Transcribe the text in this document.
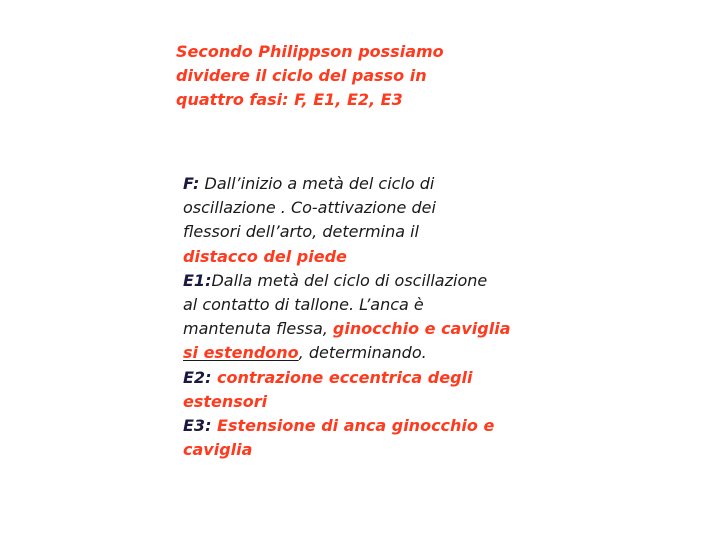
Secondo Philippson possiamo
dividere il ciclo del passo in
quattro fasi: F, E1, E2, E3
F: Dall’inizio a metà del ciclo di
oscillazione . Co-attivazione dei
flessori dell’arto, determina il
distacco del piede
E1:Dalla metà del ciclo di oscillazione
al contatto di tallone. L’anca è
mantenuta flessa, ginocchio e caviglia
si estendono, determinando.
E2: contrazione eccentrica degli
estensori
E3: Estensione di anca ginocchio e
caviglia
